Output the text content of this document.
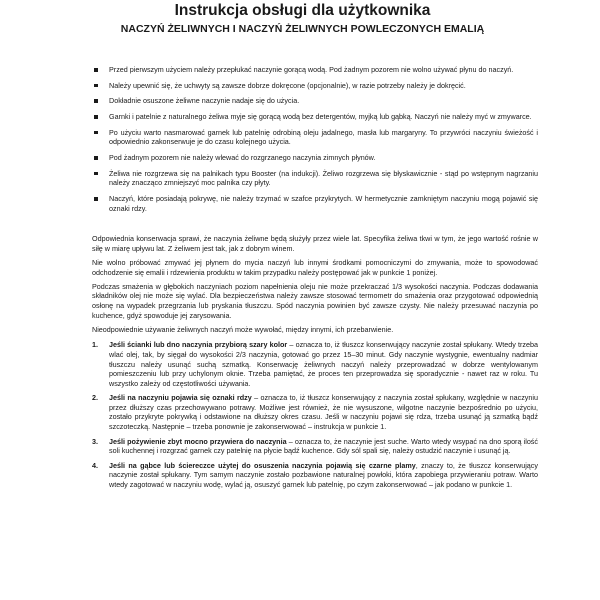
Instrukcja obsługi dla użytkownika
NACZYŃ ŻELIWNYCH I NACZYŃ ŻELIWNYCH POWLECZONYCH EMALIĄ
Przed pierwszym użyciem należy przepłukać naczynie gorącą wodą. Pod żadnym pozorem nie wolno używać płynu do naczyń.
Należy upewnić się, że uchwyty są zawsze dobrze dokręcone (opcjonalnie), w razie potrzeby należy je dokręcić.
Dokładnie osuszone żeliwne naczynie nadaje się do użycia.
Garnki i patelnie z naturalnego żeliwa myje się gorącą wodą bez detergentów, myjką lub gąbką. Naczyń nie należy myć w zmywarce.
Po użyciu warto nasmarować garnek lub patelnię odrobiną oleju jadalnego, masła lub margaryny. To przywróci naczyniu świeżość i odpowiednio zakonserwuje je do czasu kolejnego użycia.
Pod żadnym pozorem nie należy wlewać do rozgrzanego naczynia zimnych płynów.
Żeliwa nie rozgrzewa się na palnikach typu Booster (na indukcji). Żeliwo rozgrzewa się błyskawicznie - stąd po wstępnym nagrzaniu należy znacząco zmniejszyć moc palnika czy płyty.
Naczyń, które posiadają pokrywę, nie należy trzymać w szafce przykrytych. W hermetycznie zamkniętym naczyniu mogą pojawić się oznaki rdzy.

Odpowiednia konserwacja sprawi, że naczynia żeliwne będą służyły przez wiele lat. Specyfika żeliwa tkwi w tym, że jego wartość rośnie w siłę w miarę upływu lat. Z żeliwem jest tak, jak z dobrym winem.

Nie wolno próbować zmywać jej płynem do mycia naczyń lub innymi środkami pomocniczymi do zmywania, może to spowodować odchodzenie się emalii i rdzewienia produktu w takim przypadku należy postępować jak w punkcie 1 poniżej.

Podczas smażenia w głębokich naczyniach poziom napełnienia oleju nie może przekraczać 1/3 wysokości naczynia. Podczas dodawania składników olej nie może się wylać. Dla bezpieczeństwa należy zawsze stosować termometr do smażenia oraz przygotować odpowiednią osłonę na wypadek przegrzania lub pryskania tłuszczu. Spód naczynia powinien być zawsze czysty. Nie należy przesuwać naczynia po kuchence, gdyż spowoduje jej zarysowania.

Nieodpowiednie używanie żeliwnych naczyń może wywołać, między innymi, ich przebarwienie.

1. Jeśli ścianki lub dno naczynia przybiorą szary kolor – oznacza to, iż tłuszcz konserwujący naczynie został spłukany. Wtedy trzeba wlać olej, tak, by sięgał do wysokości 2/3 naczynia, gotować go przez 15–30 minut. Gdy naczynie wystygnie, ewentualny nadmiar tłuszczu należy usunąć suchą szmatką. Konserwację żeliwnych naczyń należy przeprowadzać w dobrze wentylowanym pomieszczeniu lub przy uchylonym oknie. Trzeba pamiętać, że proces ten przeprowadza się sporadycznie - nawet raz w roku. Tu wszystko zależy od częstotliwości używania.
2. Jeśli na naczyniu pojawia się oznaki rdzy – oznacza to, iż tłuszcz konserwujący z naczynia został spłukany, względnie w naczyniu przez dłuższy czas przechowywano potrawy. Możliwe jest również, że nie wysuszone, wilgotne naczynie bezpośrednio po użyciu, zostało przykryte pokrywką i odstawione na dłuższy okres czasu. Jeśli w naczyniu pojawi się rdza, trzeba usunąć ją szmatką bądź szczoteczką. Następnie – trzeba ponownie je zakonserwować – instrukcja w punkcie 1.
3. Jeśli pożywienie zbyt mocno przywiera do naczynia – oznacza to, że naczynie jest suche. Warto wtedy wsypać na dno sporą ilość soli kuchennej i rozgrzać garnek czy patelnię na płycie bądź kuchence. Gdy sól spali się, należy ostudzić naczynie i usunąć ją.
4. Jeśli na gąbce lub ściereczce użytej do osuszenia naczynia pojawią się czarne plamy, znaczy to, że tłuszcz konserwujący naczynie został spłukany. Tym samym naczynie zostało pozbawione naturalnej powłoki, która zapobiega przywieraniu potraw. Warto wtedy zagotować w naczyniu wodę, wylać ją, osuszyć garnek lub patelnię, po czym zakonserwować – jak podano w punkcie 1.
